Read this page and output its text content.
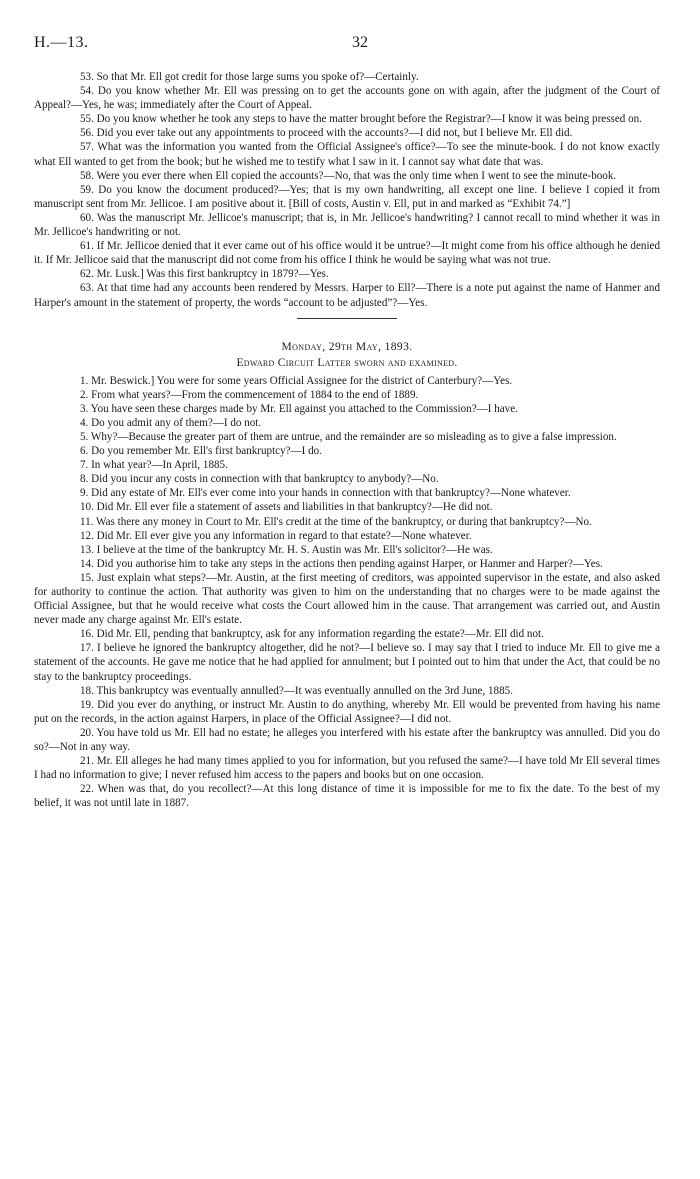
H.—13.	32

53. So that Mr. Ell got credit for those large sums you spoke of?—Certainly.

54. Do you know whether Mr. Ell was pressing on to get the accounts gone on with again, after the judgment of the Court of Appeal?—Yes, he was; immediately after the Court of Appeal.

55. Do you know whether he took any steps to have the matter brought before the Registrar?—I know it was being pressed on.

56. Did you ever take out any appointments to proceed with the accounts?—I did not, but I believe Mr. Ell did.

57. What was the information you wanted from the Official Assignee's office?—To see the minute-book. I do not know exactly what Ell wanted to get from the book; but he wished me to testify what I saw in it. I cannot say what date that was.

58. Were you ever there when Ell copied the accounts?—No, that was the only time when I went to see the minute-book.

59. Do you know the document produced?—Yes; that is my own handwriting, all except one line. I believe I copied it from manuscript sent from Mr. Jellicoe. I am positive about it. [Bill of costs, Austin v. Ell, put in and marked as “Exhibit 74.”]

60. Was the manuscript Mr. Jellicoe's manuscript; that is, in Mr. Jellicoe's handwriting? I cannot recall to mind whether it was in Mr. Jellicoe's handwriting or not.

61. If Mr. Jellicoe denied that it ever came out of his office would it be untrue?—It might come from his office although he denied it. If Mr. Jellicoe said that the manuscript did not come from his office I think he would be saying what was not true.

62. Mr. Lusk.] Was this first bankruptcy in 1879?—Yes.

63. At that time had any accounts been rendered by Messrs. Harper to Ell?—There is a note put against the name of Hanmer and Harper's amount in the statement of property, the words “account to be adjusted”?—Yes.

Monday, 29th May, 1893.
Edward Circuit Latter sworn and examined.

1. Mr. Beswick.] You were for some years Official Assignee for the district of Canterbury?—Yes.

2. From what years?—From the commencement of 1884 to the end of 1889.

3. You have seen these charges made by Mr. Ell against you attached to the Commission?—I have.

4. Do you admit any of them?—I do not.

5. Why?—Because the greater part of them are untrue, and the remainder are so misleading as to give a false impression.

6. Do you remember Mr. Ell's first bankruptcy?—I do.

7. In what year?—In April, 1885.

8. Did you incur any costs in connection with that bankruptcy to anybody?—No.

9. Did any estate of Mr. Ell's ever come into your hands in connection with that bankruptcy?—None whatever.

10. Did Mr. Ell ever file a statement of assets and liabilities in that bankruptcy?—He did not.

11. Was there any money in Court to Mr. Ell's credit at the time of the bankruptcy, or during that bankruptcy?—No.

12. Did Mr. Ell ever give you any information in regard to that estate?—None whatever.

13. I believe at the time of the bankruptcy Mr. H. S. Austin was Mr. Ell's solicitor?—He was.

14. Did you authorise him to take any steps in the actions then pending against Harper, or Hanmer and Harper?—Yes.

15. Just explain what steps?—Mr. Austin, at the first meeting of creditors, was appointed supervisor in the estate, and also asked for authority to continue the action. That authority was given to him on the understanding that no charges were to be made against the Official Assignee, but that he would receive what costs the Court allowed him in the cause. That arrangement was carried out, and Austin never made any charge against Mr. Ell's estate.

16. Did Mr. Ell, pending that bankruptcy, ask for any information regarding the estate?—Mr. Ell did not.

17. I believe he ignored the bankruptcy altogether, did he not?—I believe so. I may say that I tried to induce Mr. Ell to give me a statement of the accounts. He gave me notice that he had applied for annulment; but I pointed out to him that under the Act, that could be no stay to the bankruptcy proceedings.

18. This bankruptcy was eventually annulled?—It was eventually annulled on the 3rd June, 1885.

19. Did you ever do anything, or instruct Mr. Austin to do anything, whereby Mr. Ell would be prevented from having his name put on the records, in the action against Harpers, in place of the Official Assignee?—I did not.

20. You have told us Mr. Ell had no estate; he alleges you interfered with his estate after the bankruptcy was annulled. Did you do so?—Not in any way.

21. Mr. Ell alleges he had many times applied to you for information, but you refused the same?—I have told Mr Ell several times I had no information to give; I never refused him access to the papers and books but on one occasion.

22. When was that, do you recollect?—At this long distance of time it is impossible for me to fix the date. To the best of my belief, it was not until late in 1887.
